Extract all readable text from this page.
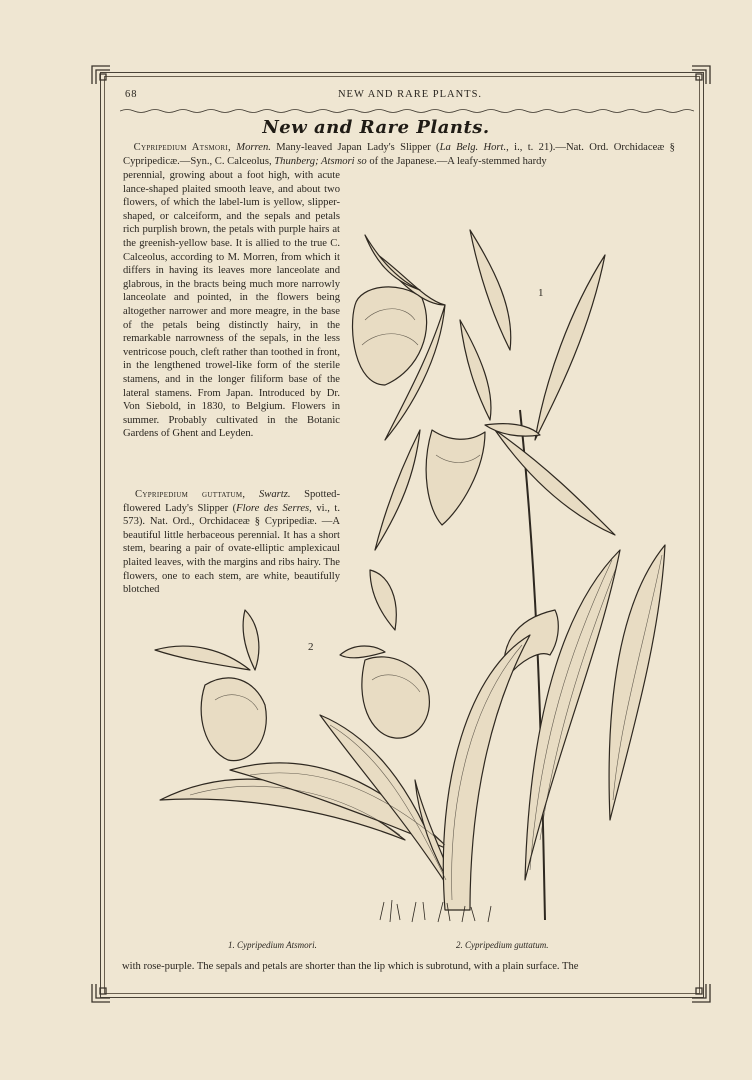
68	NEW AND RARE PLANTS.
New and Rare Plants.
 Cypripedium Atsmori, Morren. Many-leaved Japan Lady's Slipper (La Belg. Hort., i., t. 21).—Nat. Ord. Orchidaceæ § Cypripedicæ.—Syn., C. Calceolus, Thunberg; Atsmori so of the Japanese.—A leafy-stemmed hardy
perennial, growing about a foot high, with acute lance-shaped plaited smooth leave, and about two flowers, of which the label-lum is yellow, slipper-shaped, or calceiform, and the sepals and petals rich purplish brown, the petals with purple hairs at the greenish-yellow base. It is allied to the true C. Calceolus, according to M. Morren, from which it differs in having its leaves more lanceolate and glabrous, in the bracts being much more narrowly lanceolate and pointed, in the flowers being altogether narrower and more meagre, in the base of the petals being distinctly hairy, in the remarkable narrowness of the sepals, in the less ventricose pouch, cleft rather than toothed in front, in the lengthened trowel-like form of the sterile stamens, and in the longer filiform base of the lateral stamens. From Japan. Introduced by Dr. Von Siebold, in 1830, to Belgium. Flowers in summer. Probably cultivated in the Botanic Gardens of Ghent and Leyden.
Cypripedium guttatum, Swartz. Spotted-flowered Lady's Slipper (Flore des Serres, vi., t. 573). Nat. Ord., Orchidaceæ § Cypripediæ. —A beautiful little herbaceous perennial. It has a short stem, bearing a pair of ovate-elliptic amplexicaul plaited leaves, with the margins and ribs hairy. The flowers, one to each stem, are white, beautifully blotched
1
2
1. Cypripedium Atsmori.	2. Cypripedium guttatum.
with rose-purple. The sepals and petals are shorter than the lip which is subrotund, with a plain surface. The
